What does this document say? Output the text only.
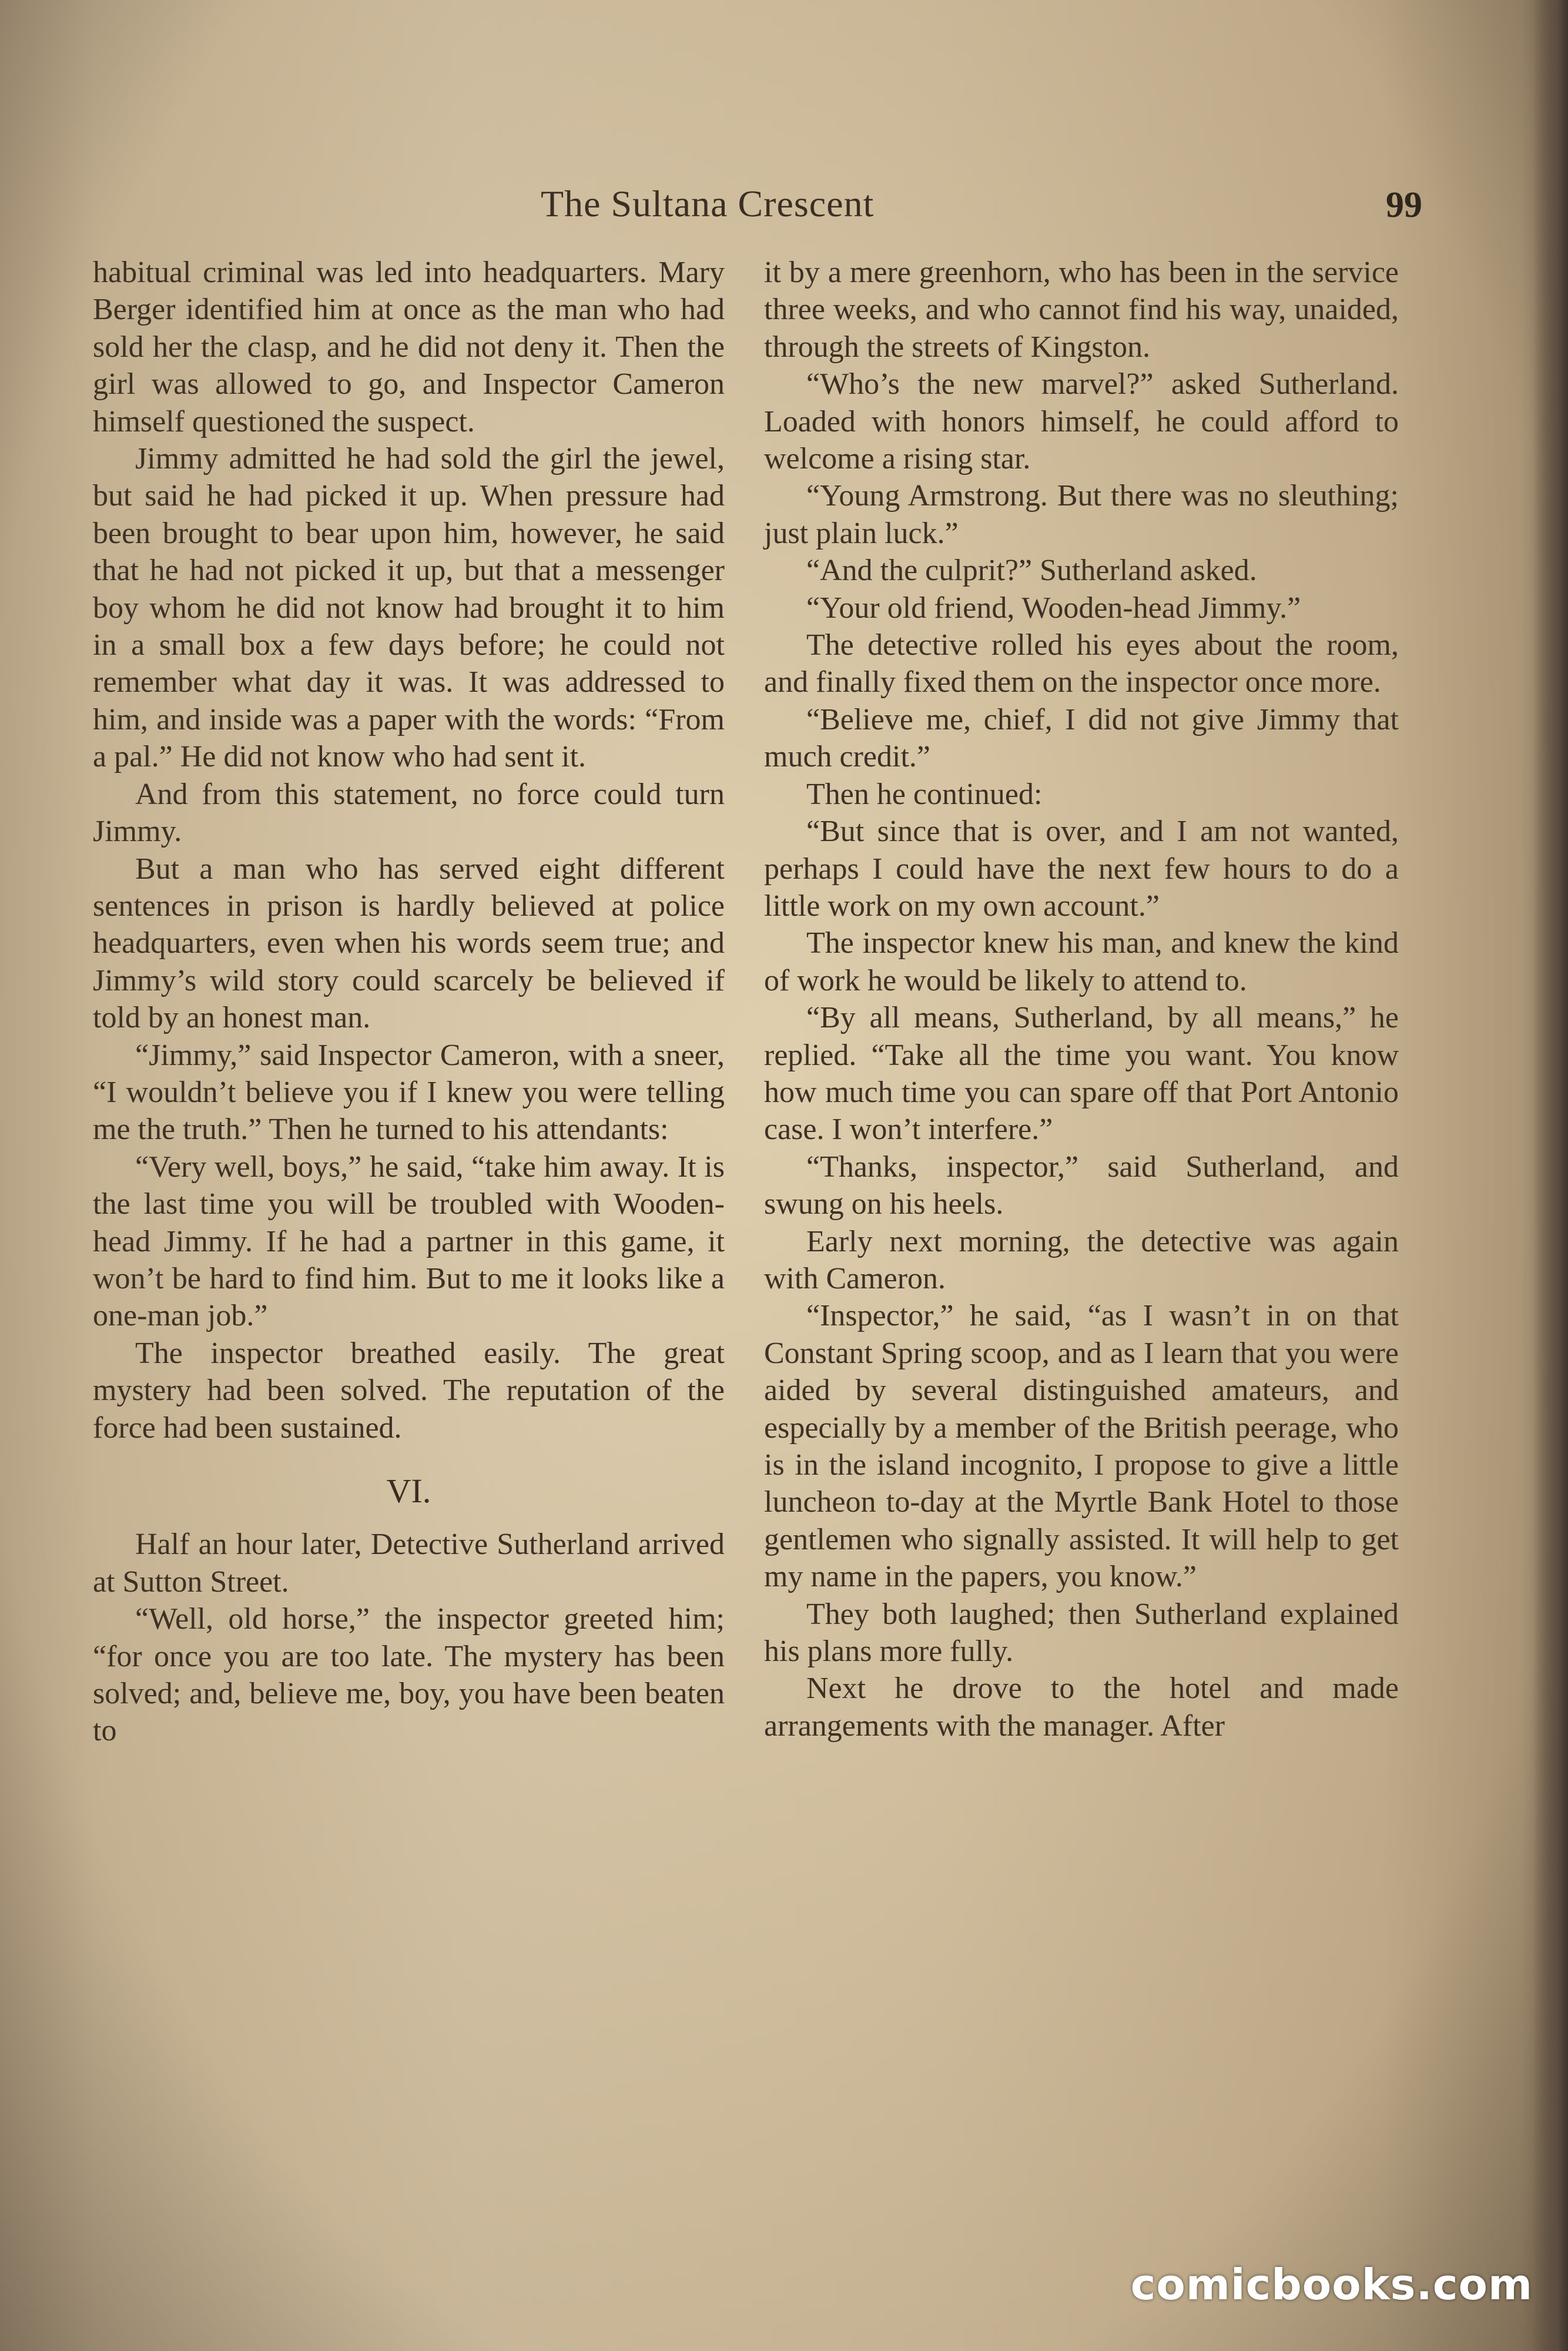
The Sultana Crescent	99

habitual criminal was led into headquarters. Mary Berger identified him at once as the man who had sold her the clasp, and he did not deny it. Then the girl was allowed to go, and Inspector Cameron himself questioned the suspect.

Jimmy admitted he had sold the girl the jewel, but said he had picked it up. When pressure had been brought to bear upon him, however, he said that he had not picked it up, but that a messenger boy whom he did not know had brought it to him in a small box a few days before; he could not remember what day it was. It was addressed to him, and inside was a paper with the words: “From a pal.” He did not know who had sent it.

And from this statement, no force could turn Jimmy.

But a man who has served eight different sentences in prison is hardly believed at police headquarters, even when his words seem true; and Jimmy’s wild story could scarcely be believed if told by an honest man.

“Jimmy,” said Inspector Cameron, with a sneer, “I wouldn’t believe you if I knew you were telling me the truth.” Then he turned to his attendants:

“Very well, boys,” he said, “take him away. It is the last time you will be troubled with Wooden-head Jimmy. If he had a partner in this game, it won’t be hard to find him. But to me it looks like a one-man job.”

The inspector breathed easily. The great mystery had been solved. The reputation of the force had been sustained.

VI.

Half an hour later, Detective Sutherland arrived at Sutton Street.

“Well, old horse,” the inspector greeted him; “for once you are too late. The mystery has been solved; and, believe me, boy, you have been beaten to

it by a mere greenhorn, who has been in the service three weeks, and who cannot find his way, unaided, through the streets of Kingston.

“Who’s the new marvel?” asked Sutherland. Loaded with honors himself, he could afford to welcome a rising star.

“Young Armstrong. But there was no sleuthing; just plain luck.”

“And the culprit?” Sutherland asked.

“Your old friend, Wooden-head Jimmy.”

The detective rolled his eyes about the room, and finally fixed them on the inspector once more.

“Believe me, chief, I did not give Jimmy that much credit.”

Then he continued:

“But since that is over, and I am not wanted, perhaps I could have the next few hours to do a little work on my own account.”

The inspector knew his man, and knew the kind of work he would be likely to attend to.

“By all means, Sutherland, by all means,” he replied. “Take all the time you want. You know how much time you can spare off that Port Antonio case. I won’t interfere.”

“Thanks, inspector,” said Sutherland, and swung on his heels.

Early next morning, the detective was again with Cameron.

“Inspector,” he said, “as I wasn’t in on that Constant Spring scoop, and as I learn that you were aided by several distinguished amateurs, and especially by a member of the British peerage, who is in the island incognito, I propose to give a little luncheon to-day at the Myrtle Bank Hotel to those gentlemen who signally assisted. It will help to get my name in the papers, you know.”

They both laughed; then Sutherland explained his plans more fully.

Next he drove to the hotel and made arrangements with the manager. After

comicbooks.com
